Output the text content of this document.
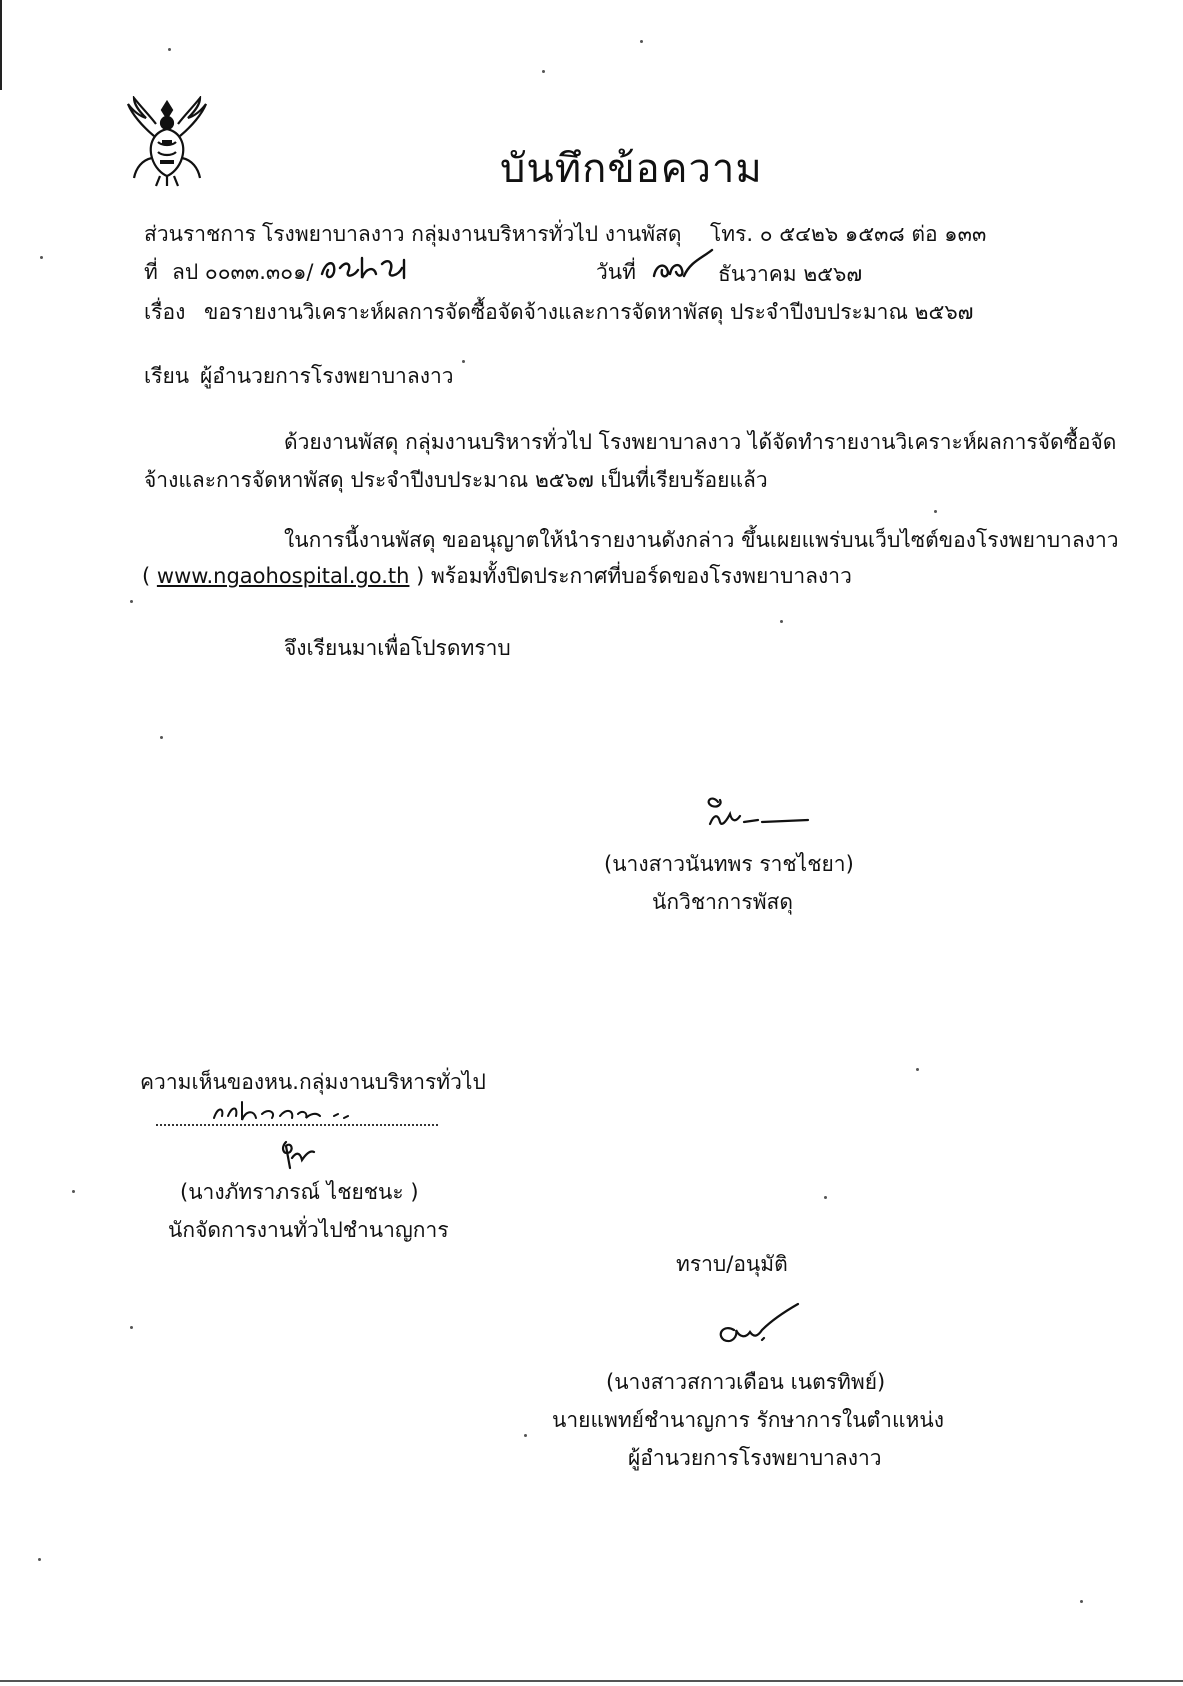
บันทึกข้อความ
ส่วนราชการ โรงพยาบาลงาว กลุ่มงานบริหารทั่วไป งานพัสดุ โทร. ๐ ๕๔๒๖ ๑๕๓๘ ต่อ ๑๓๓
ที่ ลป ๐๐๓๓.๓๐๑/	วันที่	ธันวาคม ๒๕๖๗
เรื่อง ขอรายงานวิเคราะห์ผลการจัดซื้อจัดจ้างและการจัดหาพัสดุ ประจำปีงบประมาณ ๒๕๖๗
เรียน ผู้อำนวยการโรงพยาบาลงาว
ด้วยงานพัสดุ กลุ่มงานบริหารทั่วไป โรงพยาบาลงาว ได้จัดทำรายงานวิเคราะห์ผลการจัดซื้อจัด
จ้างและการจัดหาพัสดุ ประจำปีงบประมาณ ๒๕๖๗ เป็นที่เรียบร้อยแล้ว
ในการนี้งานพัสดุ ขออนุญาตให้นำรายงานดังกล่าว ขึ้นเผยแพร่บนเว็บไซต์ของโรงพยาบาลงาว
( www.ngaohospital.go.th ) พร้อมทั้งปิดประกาศที่บอร์ดของโรงพยาบาลงาว
จึงเรียนมาเพื่อโปรดทราบ
(นางสาวนันทพร ราชไชยา)
นักวิชาการพัสดุ
ความเห็นของหน.กลุ่มงานบริหารทั่วไป
(นางภัทราภรณ์ ไชยชนะ )
นักจัดการงานทั่วไปชำนาญการ
ทราบ/อนุมัติ
(นางสาวสกาวเดือน เนตรทิพย์)
นายแพทย์ชำนาญการ รักษาการในตำแหน่ง
ผู้อำนวยการโรงพยาบาลงาว
